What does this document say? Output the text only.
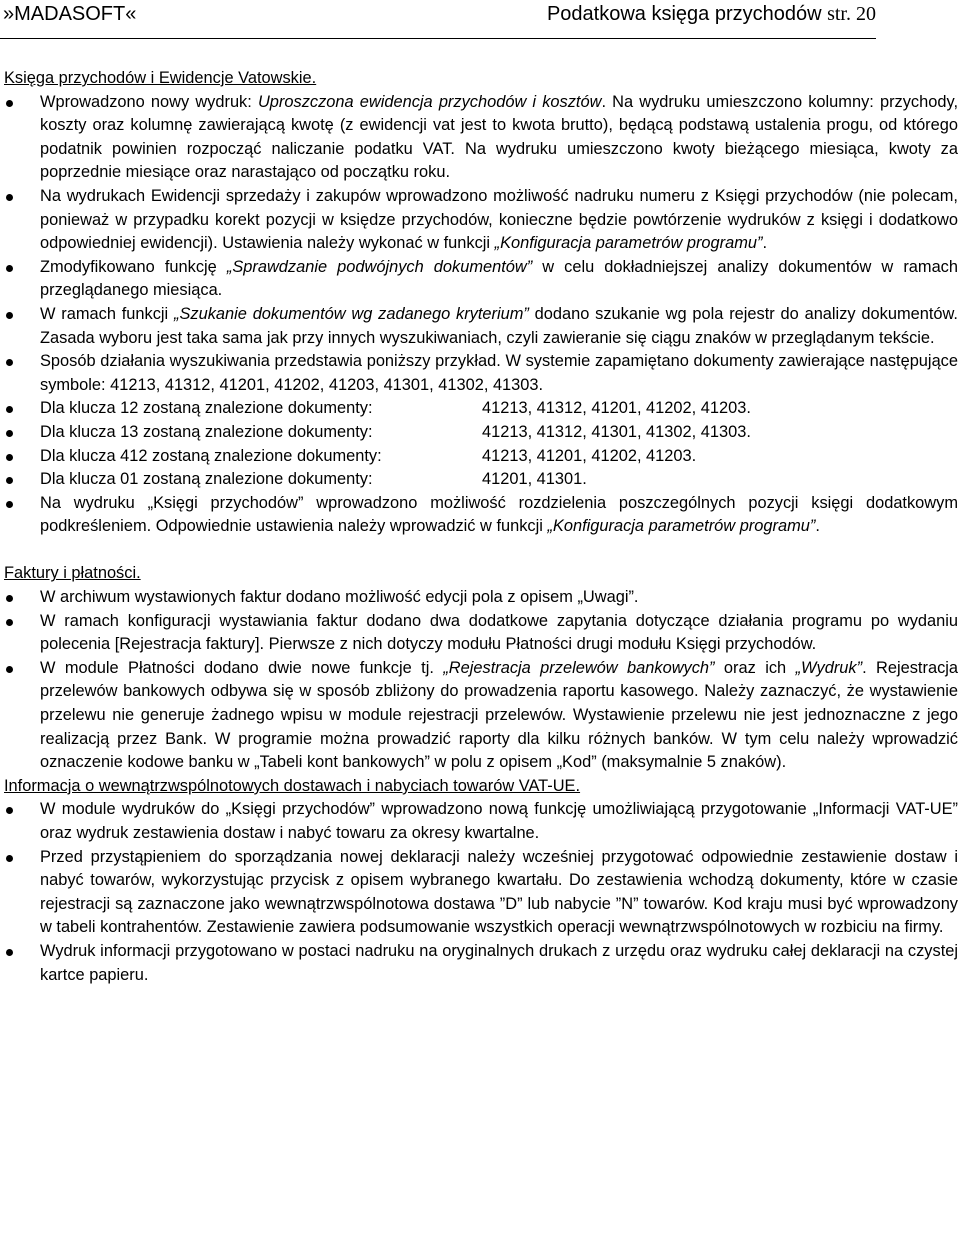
»MADASOFT«	Podatkowa księga przychodów str. 20

Księga przychodów i Ewidencje Vatowskie.

Wprowadzono nowy wydruk: Uproszczona ewidencja przychodów i kosztów. Na wydruku umieszczono kolumny: przychody, koszty oraz kolumnę zawierającą kwotę (z ewidencji vat jest to kwota brutto), będącą podstawą ustalenia progu, od którego podatnik powinien rozpocząć naliczanie podatku VAT. Na wydruku umieszczono kwoty bieżącego miesiąca, kwoty za poprzednie miesiące oraz narastająco od początku roku.
Na wydrukach Ewidencji sprzedaży i zakupów wprowadzono możliwość nadruku numeru z Księgi przychodów (nie polecam, ponieważ w przypadku korekt pozycji w księdze przychodów, konieczne będzie powtórzenie wydruków z księgi i dodatkowo odpowiedniej ewidencji). Ustawienia należy wykonać w funkcji „Konfiguracja parametrów programu”.
Zmodyfikowano funkcję „Sprawdzanie podwójnych dokumentów” w celu dokładniejszej analizy dokumentów w ramach przeglądanego miesiąca.
W ramach funkcji „Szukanie dokumentów wg zadanego kryterium” dodano szukanie wg pola rejestr do analizy dokumentów. Zasada wyboru jest taka sama jak przy innych wyszukiwaniach, czyli zawieranie się ciągu znaków w przeglądanym tekście.
Sposób działania wyszukiwania przedstawia poniższy przykład. W systemie zapamiętano dokumenty zawierające następujące symbole: 41213, 41312, 41201, 41202, 41203, 41301, 41302, 41303.
Dla klucza 12 zostaną znalezione dokumenty:	41213, 41312, 41201, 41202, 41203.
Dla klucza 13 zostaną znalezione dokumenty:	41213, 41312, 41301, 41302, 41303.
Dla klucza 412 zostaną znalezione dokumenty:	41213, 41201, 41202, 41203.
Dla klucza 01 zostaną znalezione dokumenty:	41201, 41301.
Na wydruku „Księgi przychodów” wprowadzono możliwość rozdzielenia poszczególnych pozycji księgi dodatkowym podkreśleniem. Odpowiednie ustawienia należy wprowadzić w funkcji „Konfiguracja parametrów programu”.

Faktury i płatności.

W archiwum wystawionych faktur dodano możliwość edycji pola z opisem „Uwagi”.
W ramach konfiguracji wystawiania faktur dodano dwa dodatkowe zapytania dotyczące działania programu po wydaniu polecenia [Rejestracja faktury]. Pierwsze z nich dotyczy modułu Płatności drugi modułu Księgi przychodów.
W module Płatności dodano dwie nowe funkcje tj. „Rejestracja przelewów bankowych” oraz ich „Wydruk”. Rejestracja przelewów bankowych odbywa się w sposób zbliżony do prowadzenia raportu kasowego. Należy zaznaczyć, że wystawienie przelewu nie generuje żadnego wpisu w module rejestracji przelewów. Wystawienie przelewu nie jest jednoznaczne z jego realizacją przez Bank. W programie można prowadzić raporty dla kilku różnych banków. W tym celu należy wprowadzić oznaczenie kodowe banku w „Tabeli kont bankowych” w polu z opisem „Kod” (maksymalnie 5 znaków).

Informacja o wewnątrzwspólnotowych dostawach i nabyciach towarów VAT-UE.

W module wydruków do „Księgi przychodów” wprowadzono nową funkcję umożliwiającą przygotowanie „Informacji VAT-UE” oraz wydruk zestawienia dostaw i nabyć towaru za okresy kwartalne.
Przed przystąpieniem do sporządzania nowej deklaracji należy wcześniej przygotować odpowiednie zestawienie dostaw i nabyć towarów, wykorzystując przycisk z opisem wybranego kwartału. Do zestawienia wchodzą dokumenty, które w czasie rejestracji są zaznaczone jako wewnątrzwspólnotowa dostawa ”D” lub nabycie ”N” towarów. Kod kraju musi być wprowadzony w tabeli kontrahentów. Zestawienie zawiera podsumowanie wszystkich operacji wewnątrzwspólnotowych w rozbiciu na firmy.
Wydruk informacji przygotowano w postaci nadruku na oryginalnych drukach z urzędu oraz wydruku całej deklaracji na czystej kartce papieru.
